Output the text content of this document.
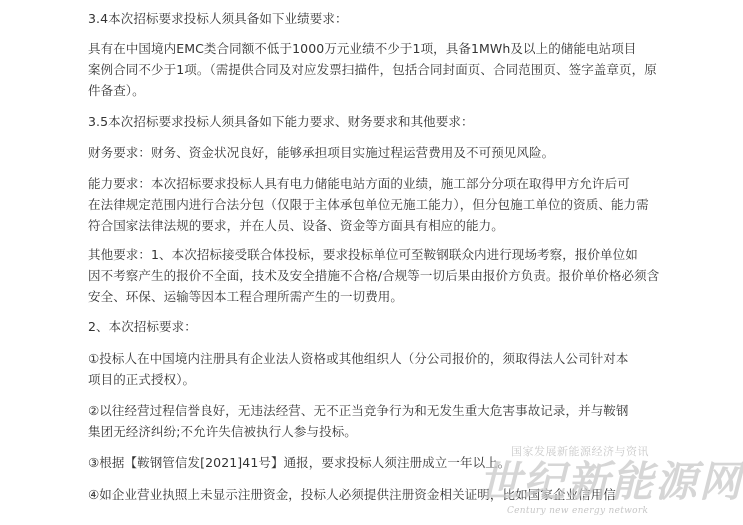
3.4本次招标要求投标人须具备如下业绩要求：

具有在中国境内EMC类合同额不低于1000万元业绩不少于1项，具备1MWh及以上的储能电站项目
案例合同不少于1项。（需提供合同及对应发票扫描件，包括合同封面页、合同范围页、签字盖章页，原
件备查）。

3.5本次招标要求投标人须具备如下能力要求、财务要求和其他要求：

财务要求：财务、资金状况良好，能够承担项目实施过程运营费用及不可预见风险。

能力要求：本次招标要求投标人具有电力储能电站方面的业绩，施工部分分项在取得甲方允许后可
在法律规定范围内进行合法分包（仅限于主体承包单位无施工能力），但分包施工单位的资质、能力需
符合国家法律法规的要求，并在人员、设备、资金等方面具有相应的能力。

其他要求：1、本次招标接受联合体投标，要求投标单位可至鞍钢联众内进行现场考察，报价单位如
因不考察产生的报价不全面，技术及安全措施不合格/合规等一切后果由报价方负责。报价单价格必须含
安全、环保、运输等因本工程合理所需产生的一切费用。

2、本次招标要求：

①投标人在中国境内注册具有企业法人资格或其他组织人（分公司报价的，须取得法人公司针对本
项目的正式授权）。

②以往经营过程信誉良好，无违法经营、无不正当竞争行为和无发生重大危害事故记录，并与鞍钢
集团无经济纠纷;不允许失信被执行人参与投标。

③根据【鞍钢管信发[2021]41号】通报，要求投标人须注册成立一年以上。

④如企业营业执照上未显示注册资金，投标人必须提供注册资金相关证明，比如国家企业信用信

国家发展新能源经济与资讯
世纪新能源网
Century new energy network
